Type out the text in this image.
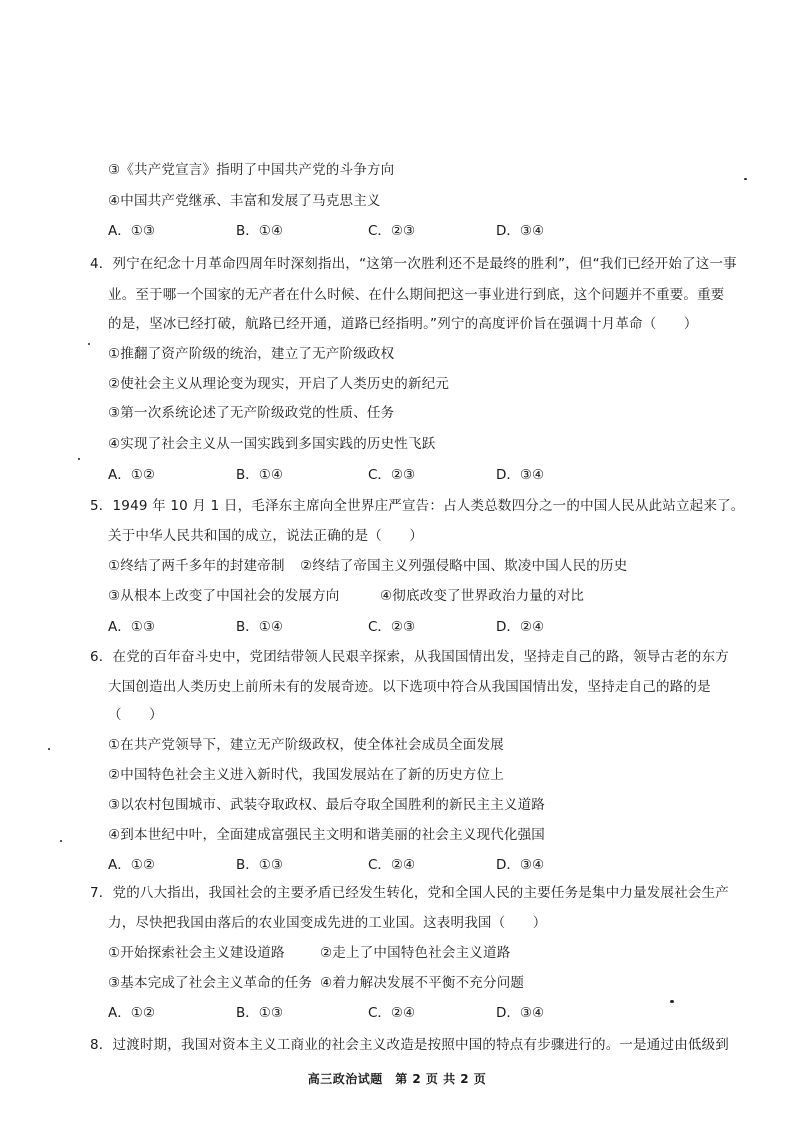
③《共产党宣言》指明了中国共产党的斗争方向
④中国共产党继承、丰富和发展了马克思主义
A．①③	B．①④	C．②③	D．③④
4．列宁在纪念十月革命四周年时深刻指出，“这第一次胜利还不是最终的胜利”，但“我们已经开始了这一事
业。至于哪一个国家的无产者在什么时候、在什么期间把这一事业进行到底，这个问题并不重要。重要
的是，坚冰已经打破，航路已经开通，道路已经指明。”列宁的高度评价旨在强调十月革命（　　）
①推翻了资产阶级的统治，建立了无产阶级政权
②使社会主义从理论变为现实，开启了人类历史的新纪元
③第一次系统论述了无产阶级政党的性质、任务
④实现了社会主义从一国实践到多国实践的历史性飞跃
A．①②	B．①④	C．②③	D．③④
5．1949 年 10 月 1 日，毛泽东主席向全世界庄严宣告：占人类总数四分之一的中国人民从此站立起来了。
关于中华人民共和国的成立，说法正确的是（　　）
①终结了两千多年的封建帝制 ②终结了帝国主义列强侵略中国、欺凌中国人民的历史
③从根本上改变了中国社会的发展方向	④彻底改变了世界政治力量的对比
A．①③	B．①④	C．②③	D．②④
6．在党的百年奋斗史中，党团结带领人民艰辛探索，从我国国情出发，坚持走自己的路，领导古老的东方
大国创造出人类历史上前所未有的发展奇迹。以下选项中符合从我国国情出发，坚持走自己的路的是
（　　）
①在共产党领导下，建立无产阶级政权，使全体社会成员全面发展
②中国特色社会主义进入新时代，我国发展站在了新的历史方位上
③以农村包围城市、武装夺取政权、最后夺取全国胜利的新民主主义道路
④到本世纪中叶，全面建成富强民主文明和谐美丽的社会主义现代化强国
A．①②	B．①③	C．②④	D．③④
7．党的八大指出，我国社会的主要矛盾已经发生转化，党和全国人民的主要任务是集中力量发展社会生产
力，尽快把我国由落后的农业国变成先进的工业国。这表明我国（　　）
①开始探索社会主义建设道路	②走上了中国特色社会主义道路
③基本完成了社会主义革命的任务 ④着力解决发展不平衡不充分问题
A．①②	B．①③	C．②④	D．③④
8．过渡时期，我国对资本主义工商业的社会主义改造是按照中国的特点有步骤进行的。一是通过由低级到
高三政治试题　第 2 页 共 2 页
